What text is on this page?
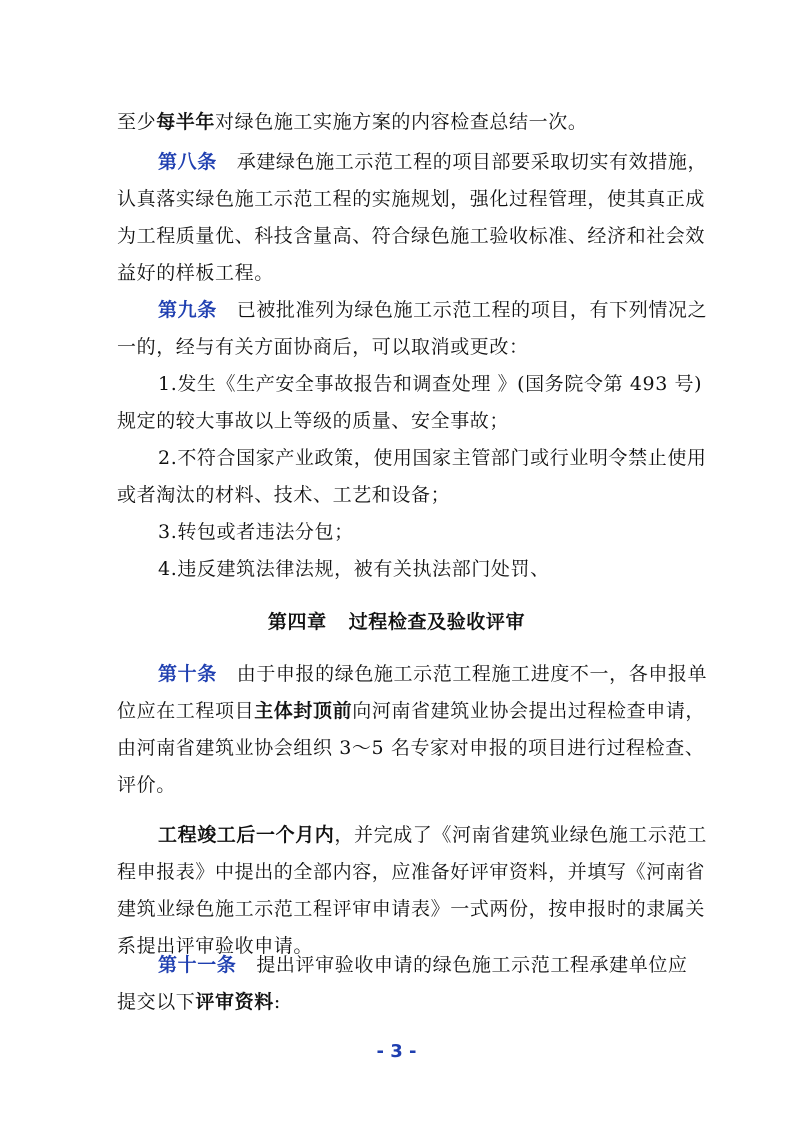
至少每半年对绿色施工实施方案的内容检查总结一次。
第八条 承建绿色施工示范工程的项目部要采取切实有效措施，
认真落实绿色施工示范工程的实施规划，强化过程管理，使其真正成
为工程质量优、科技含量高、符合绿色施工验收标准、经济和社会效
益好的样板工程。
第九条 已被批准列为绿色施工示范工程的项目，有下列情况之
一的，经与有关方面协商后，可以取消或更改：
1.发生《生产安全事故报告和调查处理 》(国务院令第 493 号)
规定的较大事故以上等级的质量、安全事故；
2.不符合国家产业政策，使用国家主管部门或行业明令禁止使用
或者淘汰的材料、技术、工艺和设备；
3.转包或者违法分包；
4.违反建筑法律法规，被有关执法部门处罚、
第四章 过程检查及验收评审
第十条 由于申报的绿色施工示范工程施工进度不一，各申报单
位应在工程项目主体封顶前向河南省建筑业协会提出过程检查申请，
由河南省建筑业协会组织 3～5 名专家对申报的项目进行过程检查、
评价。
工程竣工后一个月内，并完成了《河南省建筑业绿色施工示范工
程申报表》中提出的全部内容，应准备好评审资料，并填写《河南省
建筑业绿色施工示范工程评审申请表》一式两份，按申报时的隶属关
系提出评审验收申请。
第十一条 提出评审验收申请的绿色施工示范工程承建单位应
提交以下评审资料:
- 3 -
